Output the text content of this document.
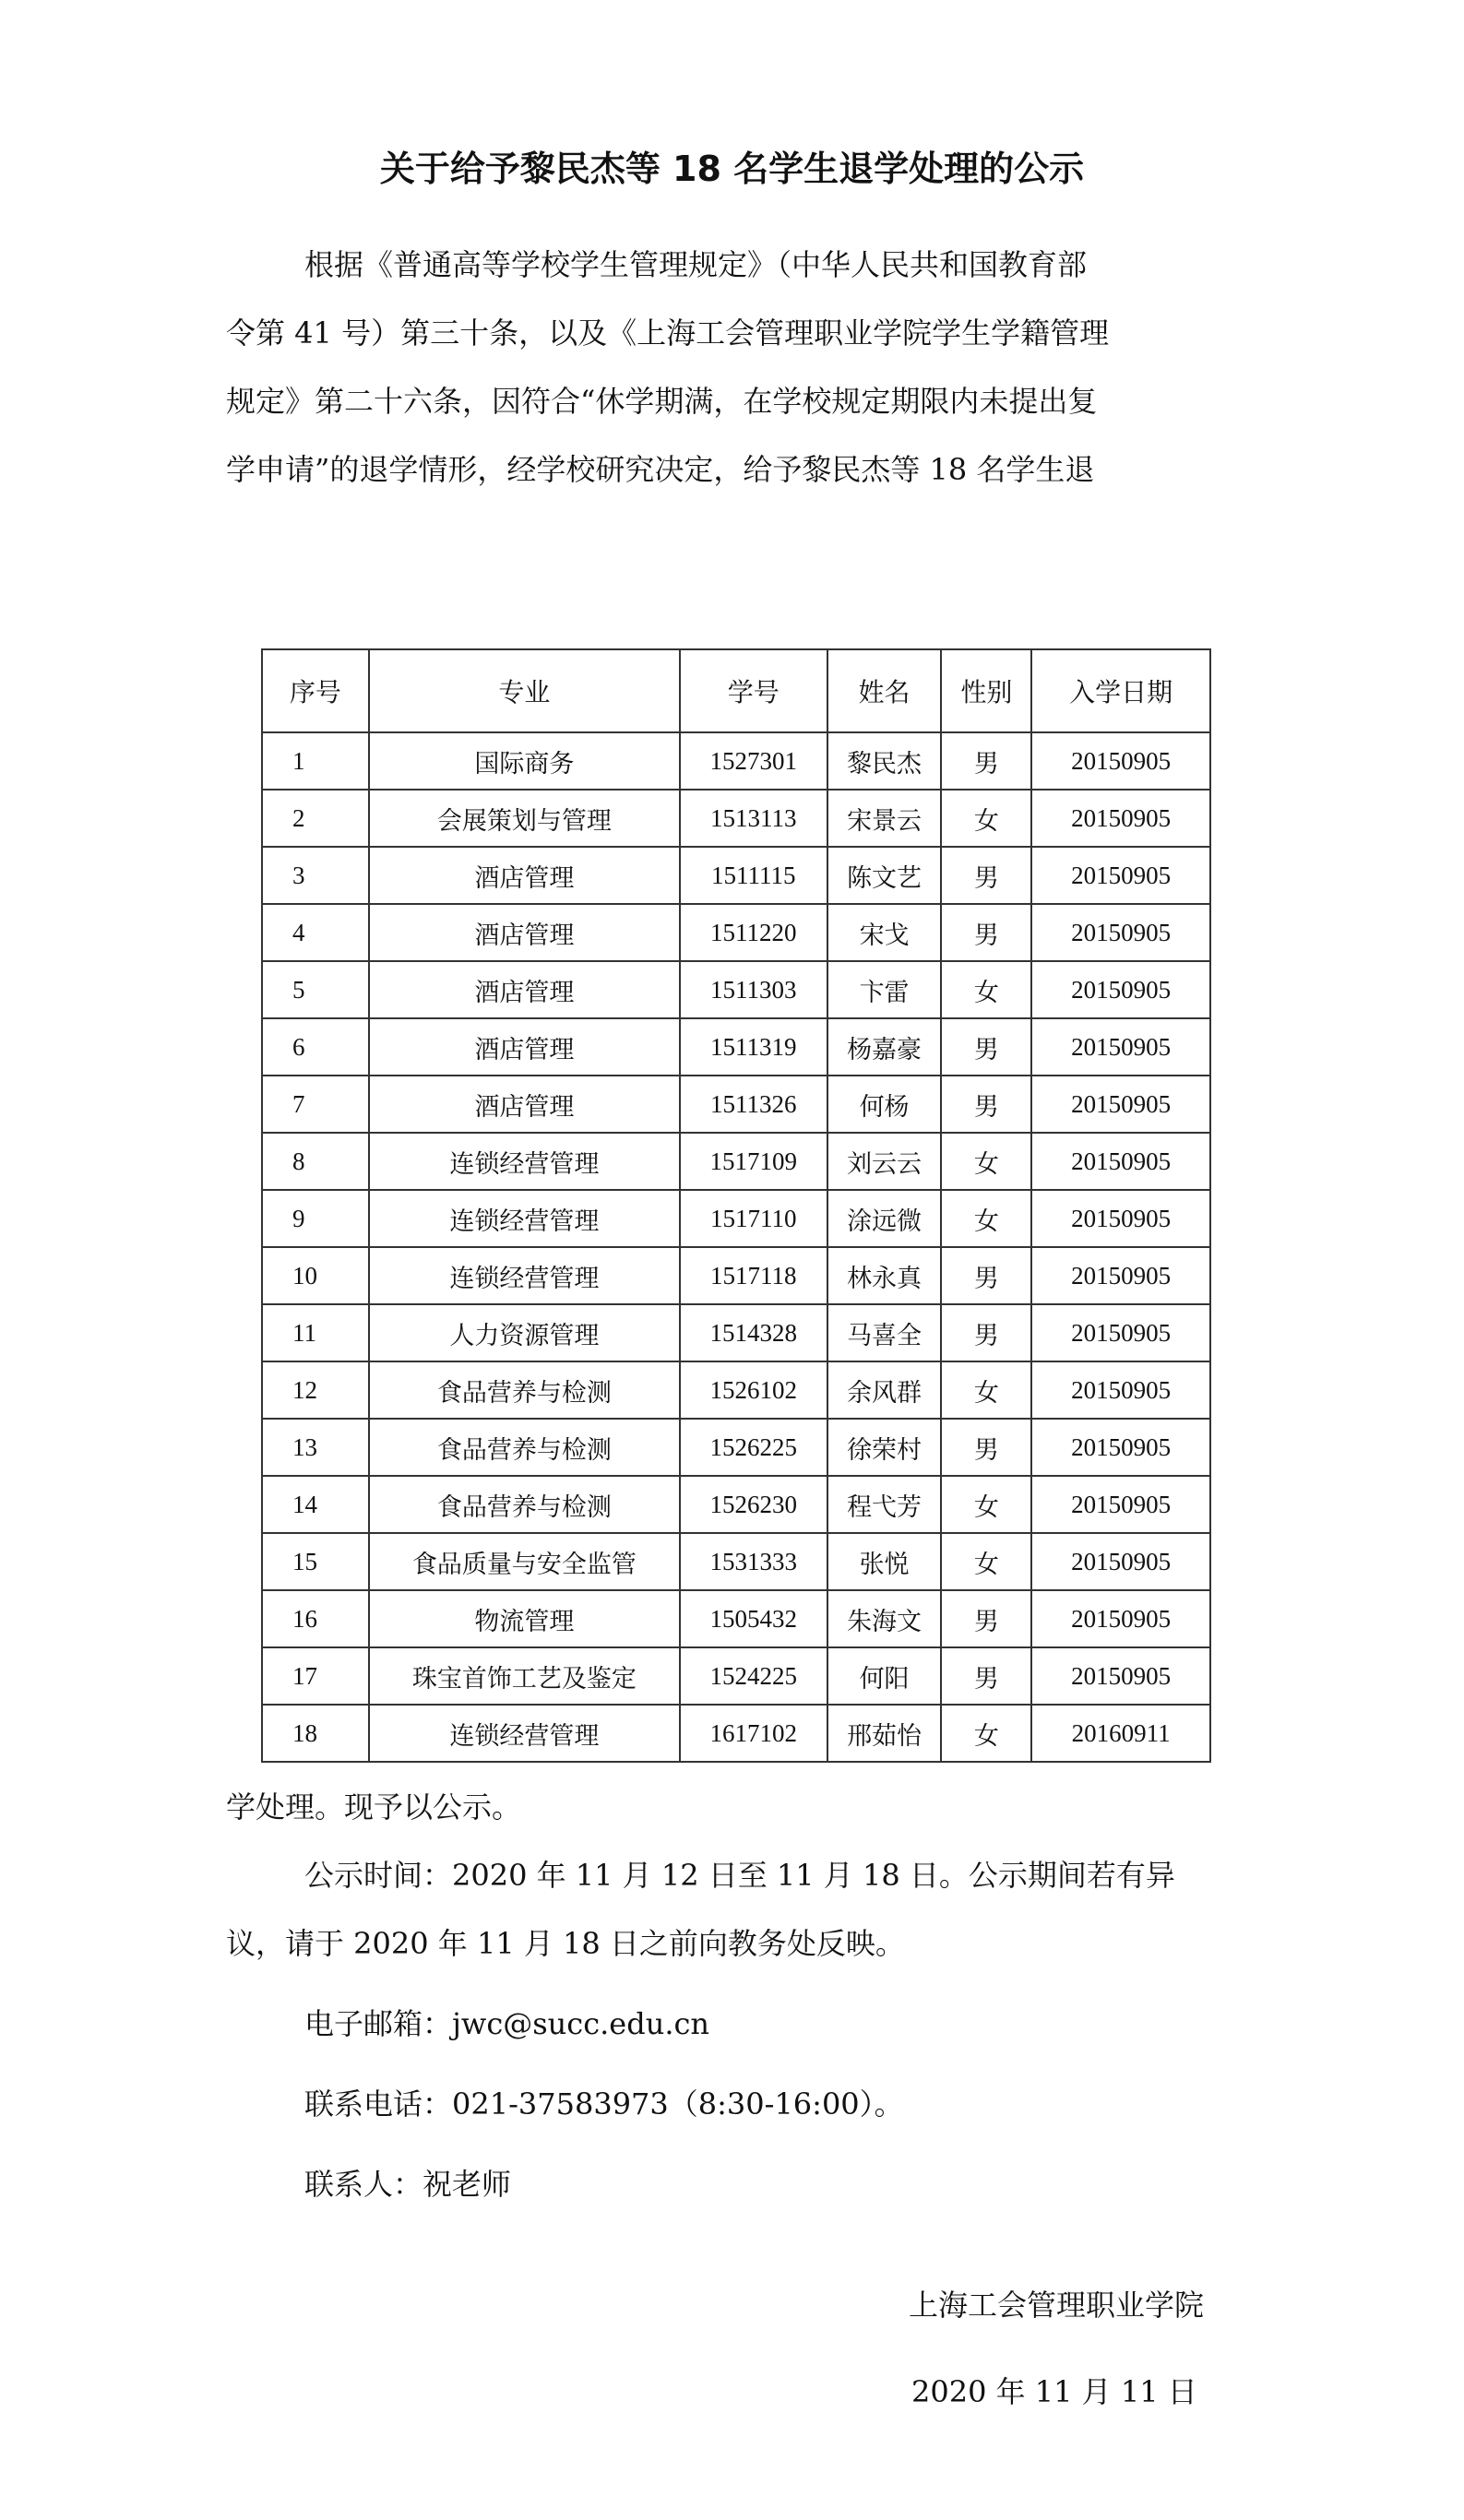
关于给予黎民杰等 18 名学生退学处理的公示
根据《普通高等学校学生管理规定》（中华人民共和国教育部
令第 41 号）第三十条，以及《上海工会管理职业学院学生学籍管理
规定》第二十六条，因符合“休学期满，在学校规定期限内未提出复
学申请”的退学情形，经学校研究决定，给予黎民杰等 18 名学生退
序号	专业	学号	姓名	性别	入学日期
1	国际商务	1527301	黎民杰	男	20150905
2	会展策划与管理	1513113	宋景云	女	20150905
3	酒店管理	1511115	陈文艺	男	20150905
4	酒店管理	1511220	宋戈	男	20150905
5	酒店管理	1511303	卞雷	女	20150905
6	酒店管理	1511319	杨嘉豪	男	20150905
7	酒店管理	1511326	何杨	男	20150905
8	连锁经营管理	1517109	刘云云	女	20150905
9	连锁经营管理	1517110	涂远微	女	20150905
10	连锁经营管理	1517118	林永真	男	20150905
11	人力资源管理	1514328	马喜全	男	20150905
12	食品营养与检测	1526102	余风群	女	20150905
13	食品营养与检测	1526225	徐荣村	男	20150905
14	食品营养与检测	1526230	程弋芳	女	20150905
15	食品质量与安全监管	1531333	张悦	女	20150905
16	物流管理	1505432	朱海文	男	20150905
17	珠宝首饰工艺及鉴定	1524225	何阳	男	20150905
18	连锁经营管理	1617102	邢茹怡	女	20160911
学处理。现予以公示。
公示时间：2020 年 11 月 12 日至 11 月 18 日。公示期间若有异
议，请于 2020 年 11 月 18 日之前向教务处反映。
电子邮箱：jwc@succ.edu.cn
联系电话：021-37583973（8:30-16:00）。
联系人：祝老师
上海工会管理职业学院
2020 年 11 月 11 日
